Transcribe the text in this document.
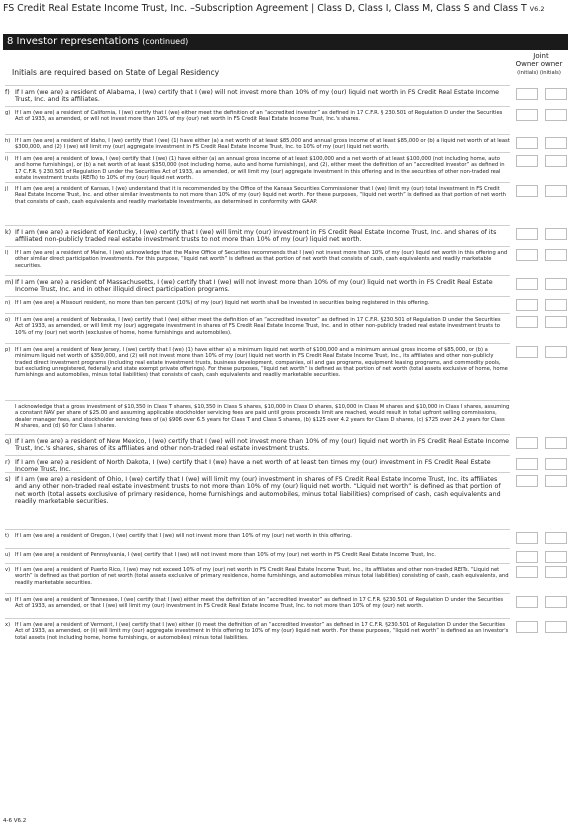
FS Credit Real Estate Income Trust, Inc. –Subscription Agreement | Class D, Class I, Class M, Class S and Class T V6.2
8 Investor representations (continued)
Joint
Owner owner
(initials) (initials)
Initials are required based on State of Legal Residency
f) If I am (we are) a resident of Alabama, I (we) certify that I (we) will not invest more than 10% of my (our) liquid net worth in FS Credit Real Estate Income Trust, Inc. and its affiliates.
g) If I am (we are) a resident of California, I (we) certify that I (we) either meet the definition of an “accredited investor” as defined in 17 C.F.R. § 230.501 of Regulation D under the Securities Act of 1933, as amended, or will not invest more than 10% of my (our) net worth in FS Credit Real Estate Income Trust, Inc.'s shares.
h) If I am (we are) a resident of Idaho, I (we) certify that I (we) (1) have either (a) a net worth of at least $85,000 and annual gross income of at least $85,000 or (b) a liquid net worth of at least $300,000, and (2) I (we) will limit my (our) aggregate investment in FS Credit Real Estate Income Trust, Inc. to 10% of my (our) liquid net worth.
i)	If I am (we are) a resident of Iowa, I (we) certify that I (we) (1) have either (a) an annual gross income of at least $100,000 and a net worth of at least $100,000 (not including home, auto and home furnishings), or (b) a net worth of at least $350,000 (not including home, auto and home furnishings), and (2), either meet the definition of an “accredited investor” as defined in 17 C.F.R. § 230.501 of Regulation D under the Securities Act of 1933, as amended, or will limit my (our) aggregate investment in this offering and in the securities of other non-traded real estate investment trusts (REITs) to 10% of my (our) liquid net worth.
j)	If I am (we are) a resident of Kansas, I (we) understand that it is recommended by the Office of the Kansas Securities Commissioner that I (we) limit my (our) total investment in FS Credit Real Estate Income Trust, Inc. and other similar investments to not more than 10% of my (our) liquid net worth. For these purposes, “liquid net worth” is defined as that portion of net worth that consists of cash, cash equivalents and readily marketable investments, as determined in conformity with GAAP.
k) If I am (we are) a resident of Kentucky, I (we) certify that I (we) will limit my (our) investment in FS Credit Real Estate Income Trust, Inc. and shares of its affiliated non-publicly traded real estate investment trusts to not more than 10% of my (our) liquid net worth.
l)	If I am (we are) a resident of Maine, I (we) acknowledge that the Maine Office of Securities recommends that I (we) not invest more than 10% of my (our) liquid net worth in this offering and other similar direct participation investments. For this purpose, “liquid net worth” is defined as that portion of net worth that consists of cash, cash equivalents and readily marketable securities.
m) If I am (we are) a resident of Massachusetts, I (we) certify that I (we) will not invest more than 10% of my (our) liquid net worth in FS Credit Real Estate Income Trust, Inc. and in other illiquid direct participation programs.
n) If I am (we are) a Missouri resident, no more than ten percent (10%) of my (our) liquid net worth shall be invested in securities being registered in this offering.
o) If I am (we are) a resident of Nebraska, I (we) certify that I (we) either meet the definition of an “accredited investor” as defined in 17 C.F.R. §230.501 of Regulation D under the Securities Act of 1933, as amended, or will limit my (our) aggregate investment in shares of FS Credit Real Estate Income Trust, Inc. and in other non-publicly traded real estate investment trusts to 10% of my (our) net worth (exclusive of home, home furnishings and automobiles).
p) If I am (we are) a resident of New Jersey, I (we) certify that I (we) (1) have either a) a minimum liquid net worth of $100,000 and a minimum annual gross income of $85,000, or (b) a minimum liquid net worth of $350,000, and (2) will not invest more than 10% of my (our) liquid net worth in FS Credit Real Estate Income Trust, Inc., its affiliates and other non-publicly traded direct investment programs (including real estate investment trusts, business development, companies, oil and gas programs, equipment leasing programs, and commodity pools, but excluding unregistered, federally and state exempt private offerings). For these purposes, “liquid net worth” is defined as that portion of net worth (total assets exclusive of home, home furnishings and automobiles, minus total liabilities) that consists of cash, cash equivalents and readily marketable securities.
I acknowledge that a gross investment of $10,350 in Class T shares, $10,350 in Class S shares, $10,000 in Class D shares, $10,000 in Class M shares and $10,000 in Class I shares, assuming a constant NAV per share of $25.00 and assuming applicable stockholder servicing fees are paid until gross proceeds limit are reached, would result in total upfront selling commissions, dealer manager fees, and stockholder servicing fees of (a) $906 over 6.5 years for Class T and Class S shares, (b) $125 over 4.2 years for Class D shares, (c) $725 over 24.2 years for Class M shares, and (d) $0 for Class I shares.
q) If I am (we are) a resident of New Mexico, I (we) certify that I (we) will not invest more than 10% of my (our) liquid net worth in FS Credit Real Estate Income Trust, Inc.'s shares, shares of its affiliates and other non-traded real estate investment trusts.
r) If I am (we are) a resident of North Dakota, I (we) certify that I (we) have a net worth of at least ten times my (our) investment in FS Credit Real Estate Income Trust, Inc.
s) If I am (we are) a resident of Ohio, I (we) certify that I (we) will limit my (our) investment in shares of FS Credit Real Estate Income Trust, Inc. its affiliates and any other non-traded real estate investment trusts to not more than 10% of my (our) liquid net worth. “Liquid net worth” is defined as that portion of net worth (total assets exclusive of primary residence, home furnishings and automobiles, minus total liabilities) comprised of cash, cash equivalents and readily marketable securities.
t)	If I am (we are) a resident of Oregon, I (we) certify that I (we) will not invest more than 10% of my (our) net worth in this offering.
u) If I am (we are) a resident of Pennsylvania, I (we) certify that I (we) will not invest more than 10% of my (our) net worth in FS Credit Real Estate Income Trust, Inc.
v) If I am (we are) a resident of Puerto Rico, I (we) may not exceed 10% of my (our) net worth in FS Credit Real Estate Income Trust, Inc., its affiliates and other non-traded REITs. “Liquid net worth” is defined as that portion of net worth (total assets exclusive of primary residence, home furnishings, and automobiles minus total liabilities) consisting of cash, cash equivalents, and readily marketable securities.
w) If I am (we are) a resident of Tennessee, I (we) certify that I (we) either meet the definition of an “accredited investor” as defined in 17 C.F.R. §230.501 of Regulation D under the Securities Act of 1933, as amended, or that I (we) will limit my (our) investment in FS Credit Real Estate Income Trust, Inc. to not more than 10% of my (our) net worth.
x) If I am (we are) a resident of Vermont, I (we) certify that I (we) either (i) meet the definition of an “accredited investor” as defined in 17 C.F.R. §230.501 of Regulation D under the Securities Act of 1933, as amended, or (ii) will limit my (our) aggregate investment in this offering to 10% of my (our) liquid net worth. For these purposes, “liquid net worth” is defined as an investor's total assets (not including home, home furnishings, or automobiles) minus total liabilities.
4-6 V6.2
